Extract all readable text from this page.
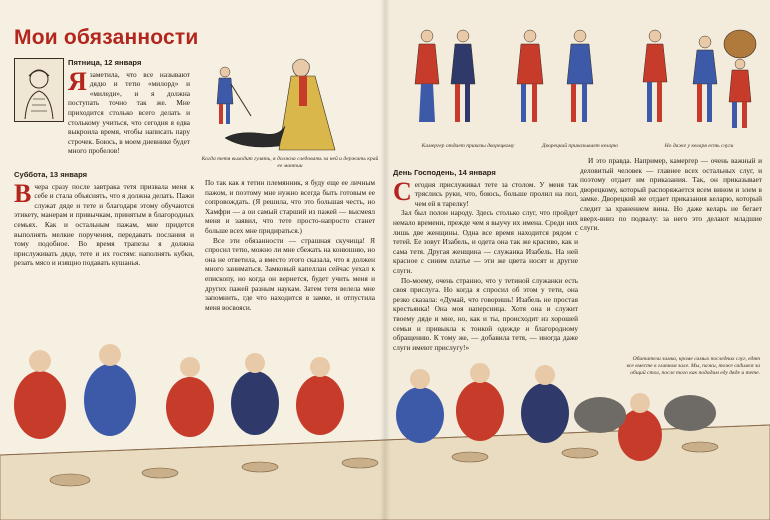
Мои обязанности
Пятница, 12 января

Язаметила, что все называют дядю и тетю «милорд» и «миледи», и я должна поступать точно так же. Мне приходится столько всего делать и столькому учиться, что сегодня я едва выкроила время, чтобы написать пару строчек. Боюсь, в моем дневнике будет много пробелов!

Когда тетя выходит гулять, я должна следовать за ней и держать край ее мантии
Суббота, 13 января

Вчера сразу после завтрака тетя призвала меня к себе и стала объяснять, что я должна делать. Пажи служат дяде и тете и благодаря этому обучаются этикету, манерам и привычкам, принятым в благородных семьях. Как и остальным пажам, мне придется выполнять мелкие поручения, передавать послания и тому подобное. Во время трапезы я должна прислуживать дяде, тете и их гостям: наполнять кубки, резать мясо и изящно подавать кушанья.

По так как я тетин племянник, я буду еще ее личным пажом, и поэтому мне нужно всегда быть готовым ее сопровождать. (Я решила, что это большая честь, но Хамфри — а он самый старший из пажей — высмеял меня и заявил, что тете просто-напросто станет больше всех мне придираться.)

Все эти обязанности — страшная скучища! Я спросил тетю, можно ли мне сбежать на конюшню, но она не ответила, а вместо этого сказала, что я должен много заниматься. Замковый капеллан сейчас уехал к епископу, но когда он вернется, будет учить меня и других пажей разным наукам. Затем тетя велела мне запомнить, где что находится в замке, и отпустила меня восвояси.

Камергер отдает приказы дворецкому	Дворецкий приказывает келарю	Но даже у келаря есть слуги
День Господень, 14 января

Сегодня прислуживал тете за столом. У меня так тряслись руки, что, боюсь, больше пролил на пол, чем ей в тарелку!

Зал был полон народу. Здесь столько слуг, что пройдет немало времени, прежде чем я выучу их имена. Среди них лишь две женщины. Одна все время находится рядом с тетей. Ее зовут Изабель, и одета она так же красиво, как и сама тетя. Другая женщина — служанка Изабель. На ней красное с синим платье — эти же цвета носят и другие слуги.

По-моему, очень странно, что у тетиной служанки есть своя прислуга. Но когда я спросил об этом у тети, она резко сказала: «Думай, что говоришь! Изабель не простая крестьянка! Она моя наперсница. Хотя она и служит твоему дяде и мне, но, как и ты, происходит из хорошей семьи и привыкла к тонкой одежде и благородному обращению. К тому же, — добавила тетя, — иногда даже слуги имеют прислугу!»

И это правда. Например, камергер — очень важный и деловитый человек — главнее всех остальных слуг, и поэтому отдает им приказания. Так, он приказывает дворецкому, который распоряжается всем вином и элем в замке. Дворецкий же отдает приказания келарю, который следит за хранением вина. Но даже келарь не бегает вверх-вниз по подвалу: за него это делают младшие слуги.

Обитатели замка, кроме самых последних слуг, едят все вместе в главном зале. Мы, пажи, тоже садимся за общий стол, после того как подадим еду дяде и тете.
